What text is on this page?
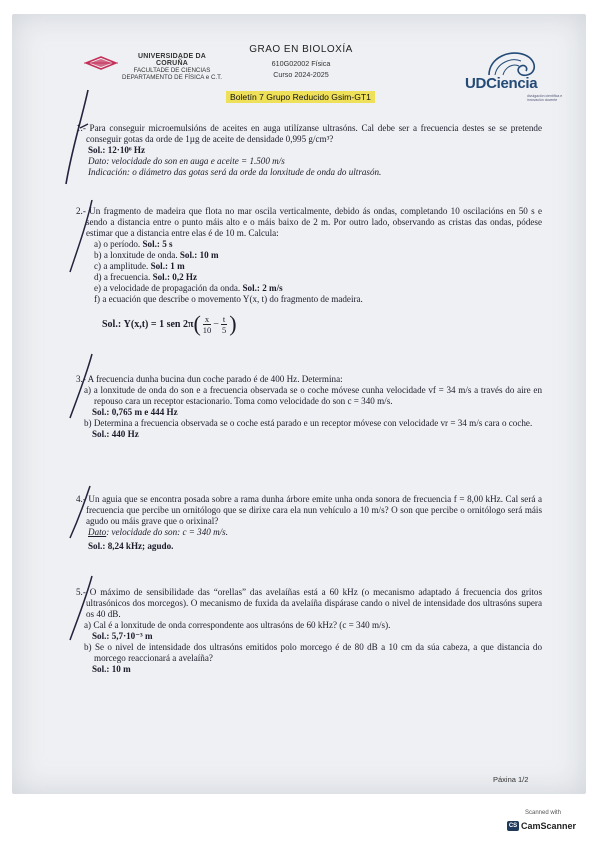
UNIVERSIDADE DA CORUÑA
FACULTADE DE CIENCIAS
DEPARTAMENTO DE FÍSICA e C.T.
GRAO EN BIOLOXÍA
610G02002 Física
Curso 2024-2025
Boletín 7 Grupo Reducido Gsim-GT1
UDCiencia
divulgación científica e innovación docente

1.- Para conseguir microemulsións de aceites en auga utilízanse ultrasóns. Cal debe ser a frecuencia destes se se pretende conseguir gotas da orde de 1µg de aceite de densidade 0,995 g/cm³?

Sol.: 12·10⁶ Hz

Dato: velocidade do son en auga e aceite = 1.500 m/s

Indicación: o diámetro das gotas será da orde da lonxitude de onda do ultrasón.

2.- Un fragmento de madeira que flota no mar oscila verticalmente, debido ás ondas, completando 10 oscilacións en 50 s e sendo a distancia entre o punto máis alto e o máis baixo de 2 m. Por outro lado, observando as cristas das ondas, pódese estimar que a distancia entre elas é de 10 m. Calcula:

a) o período. Sol.: 5 s

b) a lonxitude de onda. Sol.: 10 m

c) a amplitude. Sol.: 1 m

d) a frecuencia. Sol.: 0,2 Hz

e) a velocidade de propagación da onda. Sol.: 2 m/s

f) a ecuación que describe o movemento Y(x, t) do fragmento de madeira.

Sol.:
Y(x,t) = 1 sen 2π ( $\frac{x}{10} - \frac{t}{5}$ )

3.- A frecuencia dunha bucina dun coche parado é de 400 Hz. Determina:

a) a lonxitude de onda do son e a frecuencia observada se o coche móvese cunha velocidade vf = 34 m/s a través do aire en repouso cara un receptor estacionario. Toma como velocidade do son c = 340 m/s.

Sol.: 0,765 m e 444 Hz

b) Determina a frecuencia observada se o coche está parado e un receptor móvese con velocidade vr = 34 m/s cara o coche.

Sol.: 440 Hz

4.- Un aguia que se encontra posada sobre a rama dunha árbore emite unha onda sonora de frecuencia f = 8,00 kHz. Cal será a frecuencia que percibe un ornitólogo que se dirixe cara ela nun vehículo a 10 m/s? O son que percibe o ornitólogo será máis agudo ou máis grave que o orixinal?

Dato: velocidade do son: c = 340 m/s.

Sol.: 8,24 kHz; agudo.

5.- O máximo de sensibilidade das “orellas” das avelaíñas está a 60 kHz (o mecanismo adaptado á frecuencia dos gritos ultrasónicos dos morcegos). O mecanismo de fuxida da avelaíña dispárase cando o nivel de intensidade dos ultrasóns supera os 40 dB.

a) Cal é a lonxitude de onda correspondente aos ultrasóns de 60 kHz? (c = 340 m/s).

Sol.: 5,7·10⁻³ m

b) Se o nivel de intensidade dos ultrasóns emitidos polo morcego é de 80 dB a 10 cm da súa cabeza, a que distancia do morcego reaccionará a avelaíña?

Sol.: 10 m

Páxina 1/2
Scanned with
CS CamScanner
